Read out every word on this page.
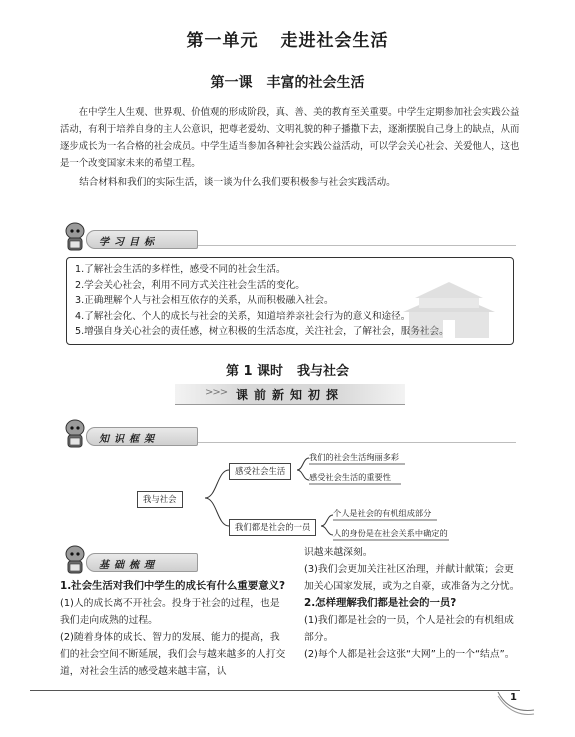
第一单元 走进社会生活
第一课 丰富的社会生活

在中学生人生观、世界观、价值观的形成阶段，真、善、美的教育至关重要。中学生定期参加社会实践公益活动，有利于培养自身的主人公意识，把尊老爱幼、文明礼貌的种子播撒下去，逐渐摆脱自己身上的缺点，从而逐步成长为一名合格的社会成员。中学生适当参加各种社会实践公益活动，可以学会关心社会、关爱他人，这也是一个改变国家未来的希望工程。

结合材料和我们的实际生活，谈一谈为什么我们要积极参与社会实践活动。

学习目标
1.了解社会生活的多样性，感受不同的社会生活。
2.学会关心社会，利用不同方式关注社会生活的变化。
3.正确理解个人与社会相互依存的关系，从而积极融入社会。
4.了解社会化、个人的成长与社会的关系，知道培养亲社会行为的意义和途径。
5.增强自身关心社会的责任感，树立积极的生活态度，关注社会，了解社会，服务社会。
第 1 课时 我与社会
>>> 课前新知初探
知识框架
我与社会
感受社会生活
我们都是社会的一员
我们的社会生活绚丽多彩
感受社会生活的重要性
个人是社会的有机组成部分
人的身份是在社会关系中确定的
基础梳理
1.社会生活对我们中学生的成长有什么重要意义?
(1)人的成长离不开社会。投身于社会的过程，也是我们走向成熟的过程。
(2)随着身体的成长、智力的发展、能力的提高，我们的社会空间不断延展，我们会与越来越多的人打交道，对社会生活的感受越来越丰富，认
识越来越深刻。
(3)我们会更加关注社区治理，并献计献策；会更加关心国家发展，或为之自豪，或准备为之分忧。
2.怎样理解我们都是社会的一员?
(1)我们都是社会的一员，个人是社会的有机组成部分。
(2)每个人都是社会这张“大网”上的一个“结点”。
1
